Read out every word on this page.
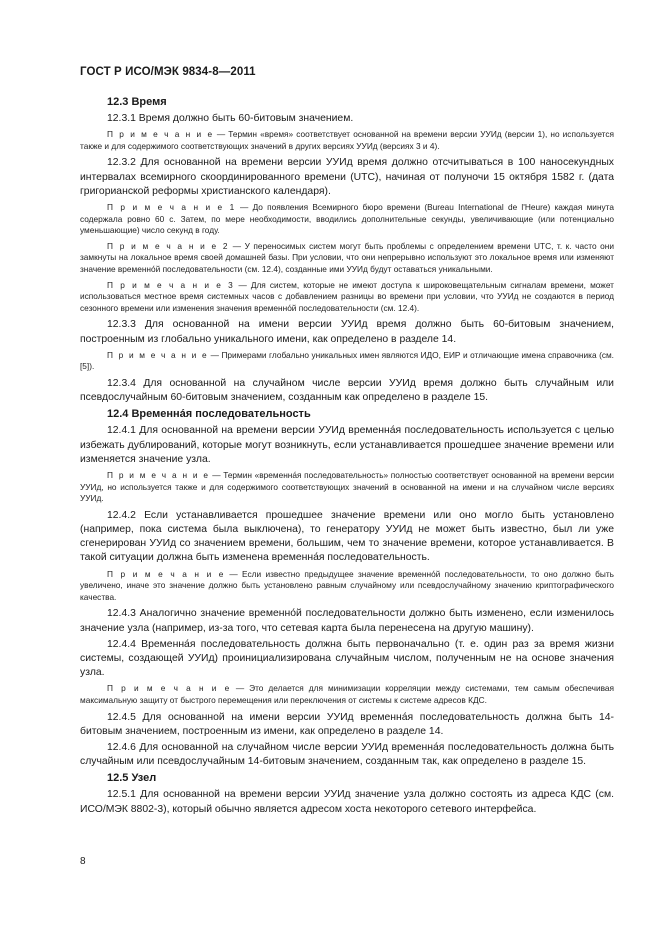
ГОСТ Р ИСО/МЭК 9834-8—2011
12.3 Время
12.3.1 Время должно быть 60-битовым значением.
П р и м е ч а н и е — Термин «время» соответствует основанной на времени версии УУИд (версии 1), но используется также и для содержимого соответствующих значений в других версиях УУИд (версиях 3 и 4).
12.3.2 Для основанной на времени версии УУИд время должно отсчитываться в 100 наносекундных интервалах всемирного скоординированного времени (UTC), начиная от полуночи 15 октября 1582 г. (дата григорианской реформы христианского календаря).
П р и м е ч а н и е 1 — До появления Всемирного бюро времени (Bureau International de l'Heure) каждая минута содержала ровно 60 с. Затем, по мере необходимости, вводились дополнительные секунды, увеличивающие (или потенциально уменьшающие) число секунд в году.
П р и м е ч а н и е 2 — У переносимых систем могут быть проблемы с определением времени UTC, т. к. часто они замкнуты на локальное время своей домашней базы. При условии, что они непрерывно используют это локальное время или изменяют значение временно́й последовательности (см. 12.4), созданные ими УУИд будут оставаться уникальными.
П р и м е ч а н и е 3 — Для систем, которые не имеют доступа к широковещательным сигналам времени, может использоваться местное время системных часов с добавлением разницы во времени при условии, что УУИд не создаются в период сезонного времени или изменения значения временно́й последовательности (см. 12.4).
12.3.3 Для основанной на имени версии УУИд время должно быть 60-битовым значением, построенным из глобально уникального имени, как определено в разделе 14.
П р и м е ч а н и е — Примерами глобально уникальных имен являются ИДО, ЕИР и отличающие имена справочника (см. [5]).
12.3.4 Для основанной на случайном числе версии УУИд время должно быть случайным или псевдослучайным 60-битовым значением, созданным как определено в разделе 15.
12.4 Временна́я последовательность
12.4.1 Для основанной на времени версии УУИд временна́я последовательность используется с целью избежать дублирований, которые могут возникнуть, если устанавливается прошедшее значение времени или изменяется значение узла.
П р и м е ч а н и е — Термин «временна́я последовательность» полностью соответствует основанной на времени версии УУИд, но используется также и для содержимого соответствующих значений в основанной на имени и на случайном числе версиях УУИд.
12.4.2 Если устанавливается прошедшее значение времени или оно могло быть установлено (например, пока система была выключена), то генератору УУИд не может быть известно, был ли уже сгенерирован УУИд со значением времени, большим, чем то значение времени, которое устанавливается. В такой ситуации должна быть изменена временна́я последовательность.
П р и м е ч а н и е — Если известно предыдущее значение временно́й последовательности, то оно должно быть увеличено, иначе это значение должно быть установлено равным случайному или псевдослучайному значению криптографического качества.
12.4.3 Аналогично значение временно́й последовательности должно быть изменено, если изменилось значение узла (например, из-за того, что сетевая карта была перенесена на другую машину).
12.4.4 Временна́я последовательность должна быть первоначально (т. е. один раз за время жизни системы, создающей УУИд) проинициализирована случайным числом, полученным не на основе значения узла.
П р и м е ч а н и е — Это делается для минимизации корреляции между системами, тем самым обеспечивая максимальную защиту от быстрого перемещения или переключения от системы к системе адресов КДС.
12.4.5 Для основанной на имени версии УУИд временна́я последовательность должна быть 14-битовым значением, построенным из имени, как определено в разделе 14.
12.4.6 Для основанной на случайном числе версии УУИд временна́я последовательность должна быть случайным или псевдослучайным 14-битовым значением, созданным так, как определено в разделе 15.
12.5 Узел
12.5.1 Для основанной на времени версии УУИд значение узла должно состоять из адреса КДС (см. ИСО/МЭК 8802-3), который обычно является адресом хоста некоторого сетевого интерфейса.
8
